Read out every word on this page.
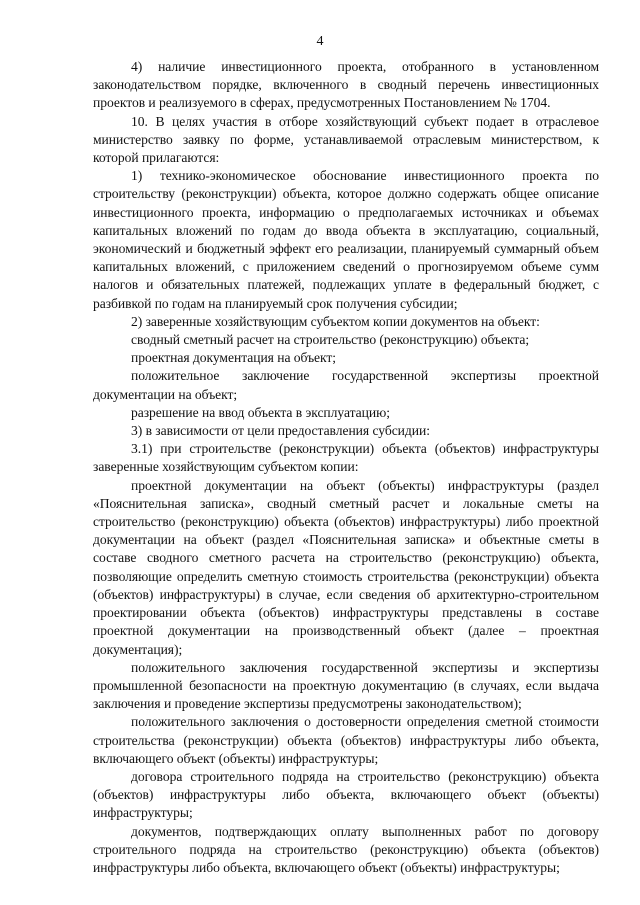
4

4) наличие инвестиционного проекта, отобранного в установленном законодательством порядке, включенного в сводный перечень инвестиционных проектов и реализуемого в сферах, предусмотренных Постановлением № 1704.

10. В целях участия в отборе хозяйствующий субъект подает в отраслевое министерство заявку по форме, устанавливаемой отраслевым министерством, к которой прилагаются:

1) технико-экономическое обоснование инвестиционного проекта по строительству (реконструкции) объекта, которое должно содержать общее описание инвестиционного проекта, информацию о предполагаемых источниках и объемах капитальных вложений по годам до ввода объекта в эксплуатацию, социальный, экономический и бюджетный эффект его реализации, планируемый суммарный объем капитальных вложений, с приложением сведений о прогнозируемом объеме сумм налогов и обязательных платежей, подлежащих уплате в федеральный бюджет, с разбивкой по годам на планируемый срок получения субсидии;

2) заверенные хозяйствующим субъектом копии документов на объект:

сводный сметный расчет на строительство (реконструкцию) объекта;

проектная документация на объект;

положительное заключение государственной экспертизы проектной документации на объект;

разрешение на ввод объекта в эксплуатацию;

3) в зависимости от цели предоставления субсидии:

3.1) при строительстве (реконструкции) объекта (объектов) инфраструктуры заверенные хозяйствующим субъектом копии:

проектной документации на объект (объекты) инфраструктуры (раздел «Пояснительная записка», сводный сметный расчет и локальные сметы на строительство (реконструкцию) объекта (объектов) инфраструктуры) либо проектной документации на объект (раздел «Пояснительная записка» и объектные сметы в составе сводного сметного расчета на строительство (реконструкцию) объекта, позволяющие определить сметную стоимость строительства (реконструкции) объекта (объектов) инфраструктуры) в случае, если сведения об архитектурно-строительном проектировании объекта (объектов) инфраструктуры представлены в составе проектной документации на производственный объект (далее – проектная документация);

положительного заключения государственной экспертизы и экспертизы промышленной безопасности на проектную документацию (в случаях, если выдача заключения и проведение экспертизы предусмотрены законодательством);

положительного заключения о достоверности определения сметной стоимости строительства (реконструкции) объекта (объектов) инфраструктуры либо объекта, включающего объект (объекты) инфраструктуры;

договора строительного подряда на строительство (реконструкцию) объекта (объектов) инфраструктуры либо объекта, включающего объект (объекты) инфраструктуры;

документов, подтверждающих оплату выполненных работ по договору строительного подряда на строительство (реконструкцию) объекта (объектов) инфраструктуры либо объекта, включающего объект (объекты) инфраструктуры;
